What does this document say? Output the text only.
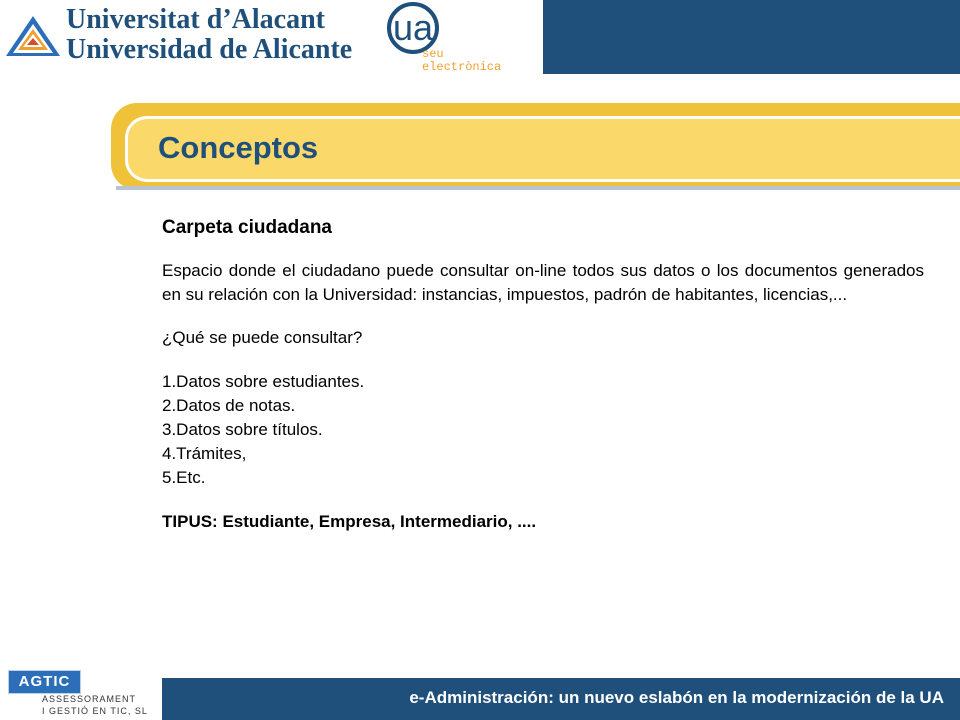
Universitat d’Alacant
Universidad de Alicante
ua
seu
electrònica
Conceptos
Carpeta ciudadana

Espacio donde el ciudadano puede consultar on-line todos sus datos o los documentos generados en su relación con la Universidad: instancias, impuestos, padrón de habitantes, licencias,...

¿Qué se puede consultar?
1.Datos sobre estudiantes.
2.Datos de notas.
3.Datos sobre títulos.
4.Trámites,
5.Etc.
TIPUS: Estudiante, Empresa, Intermediario, ....
AGTIC
ASSESSORAMENT
I GESTIÓ EN TIC, SL
e-Administración: un nuevo eslabón en la modernización de la UA
